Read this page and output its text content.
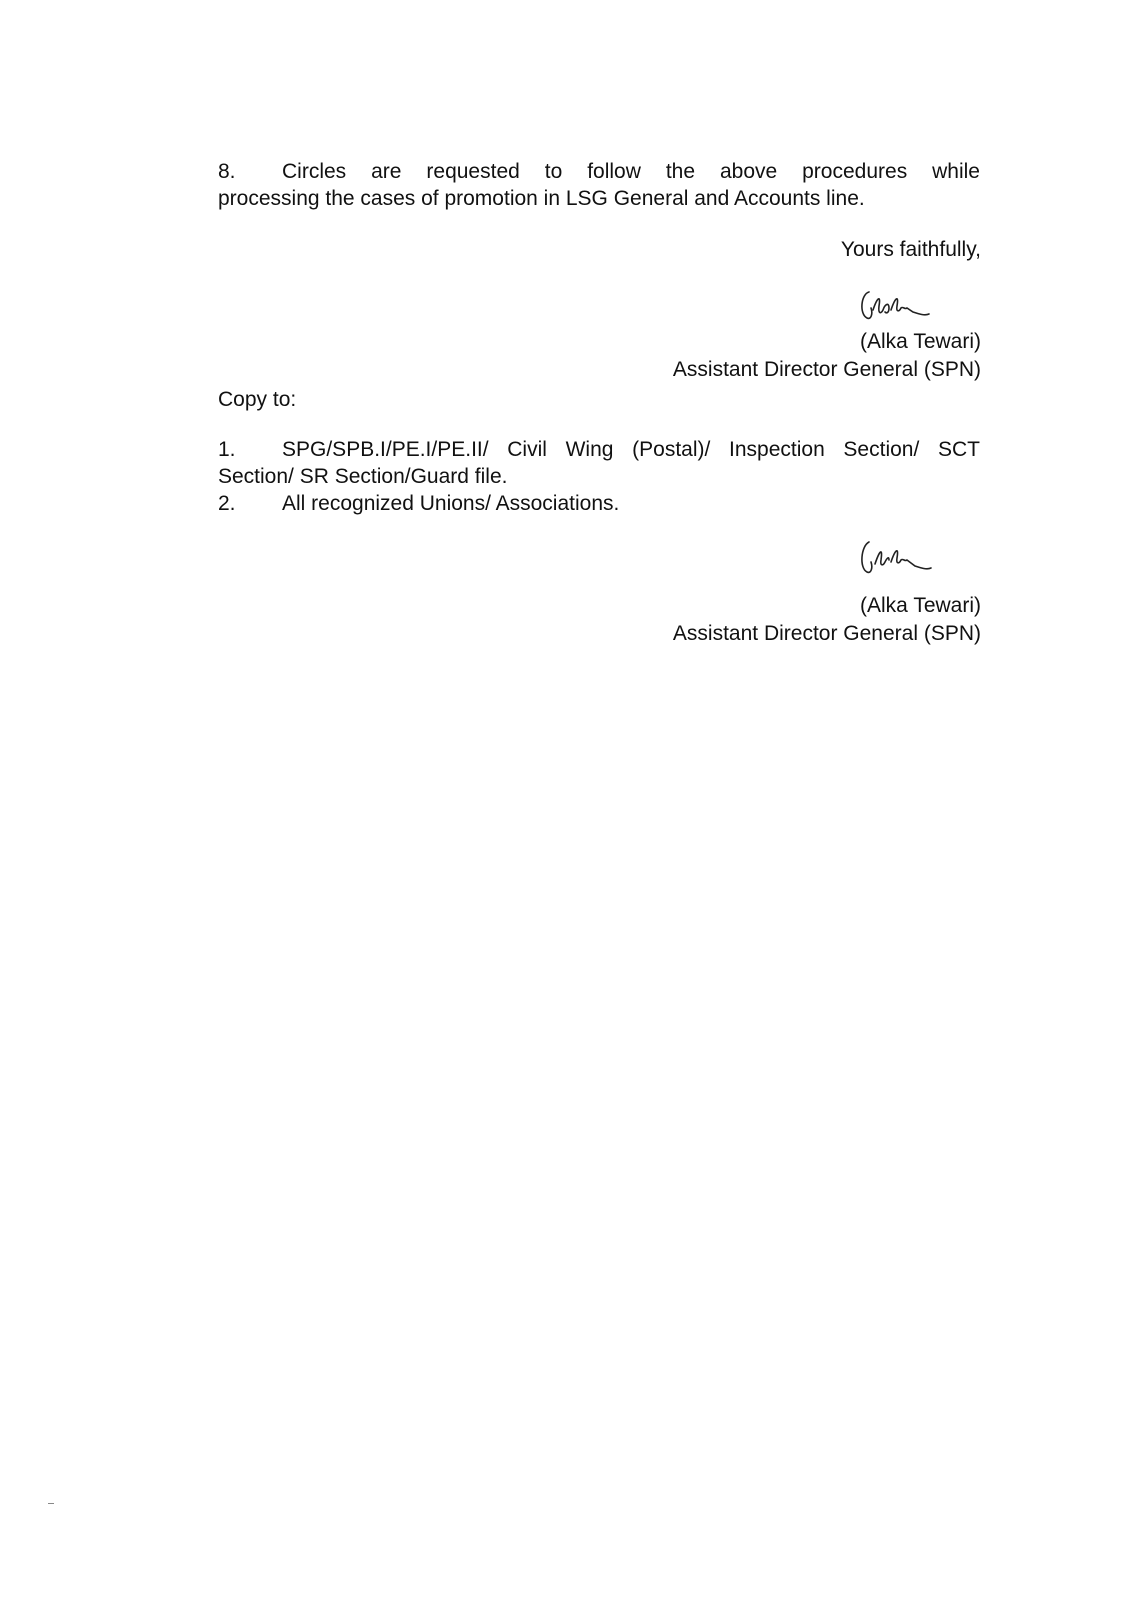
8. Circles are requested to follow the above procedures while
processing the cases of promotion in LSG General and Accounts line.
Yours faithfully,
(Alka Tewari)
Assistant Director General (SPN)
Copy to:
1. SPG/SPB.I/PE.I/PE.II/ Civil Wing (Postal)/ Inspection Section/ SCT
Section/ SR Section/Guard file.
2. All recognized Unions/ Associations.
(Alka Tewari)
Assistant Director General (SPN)
